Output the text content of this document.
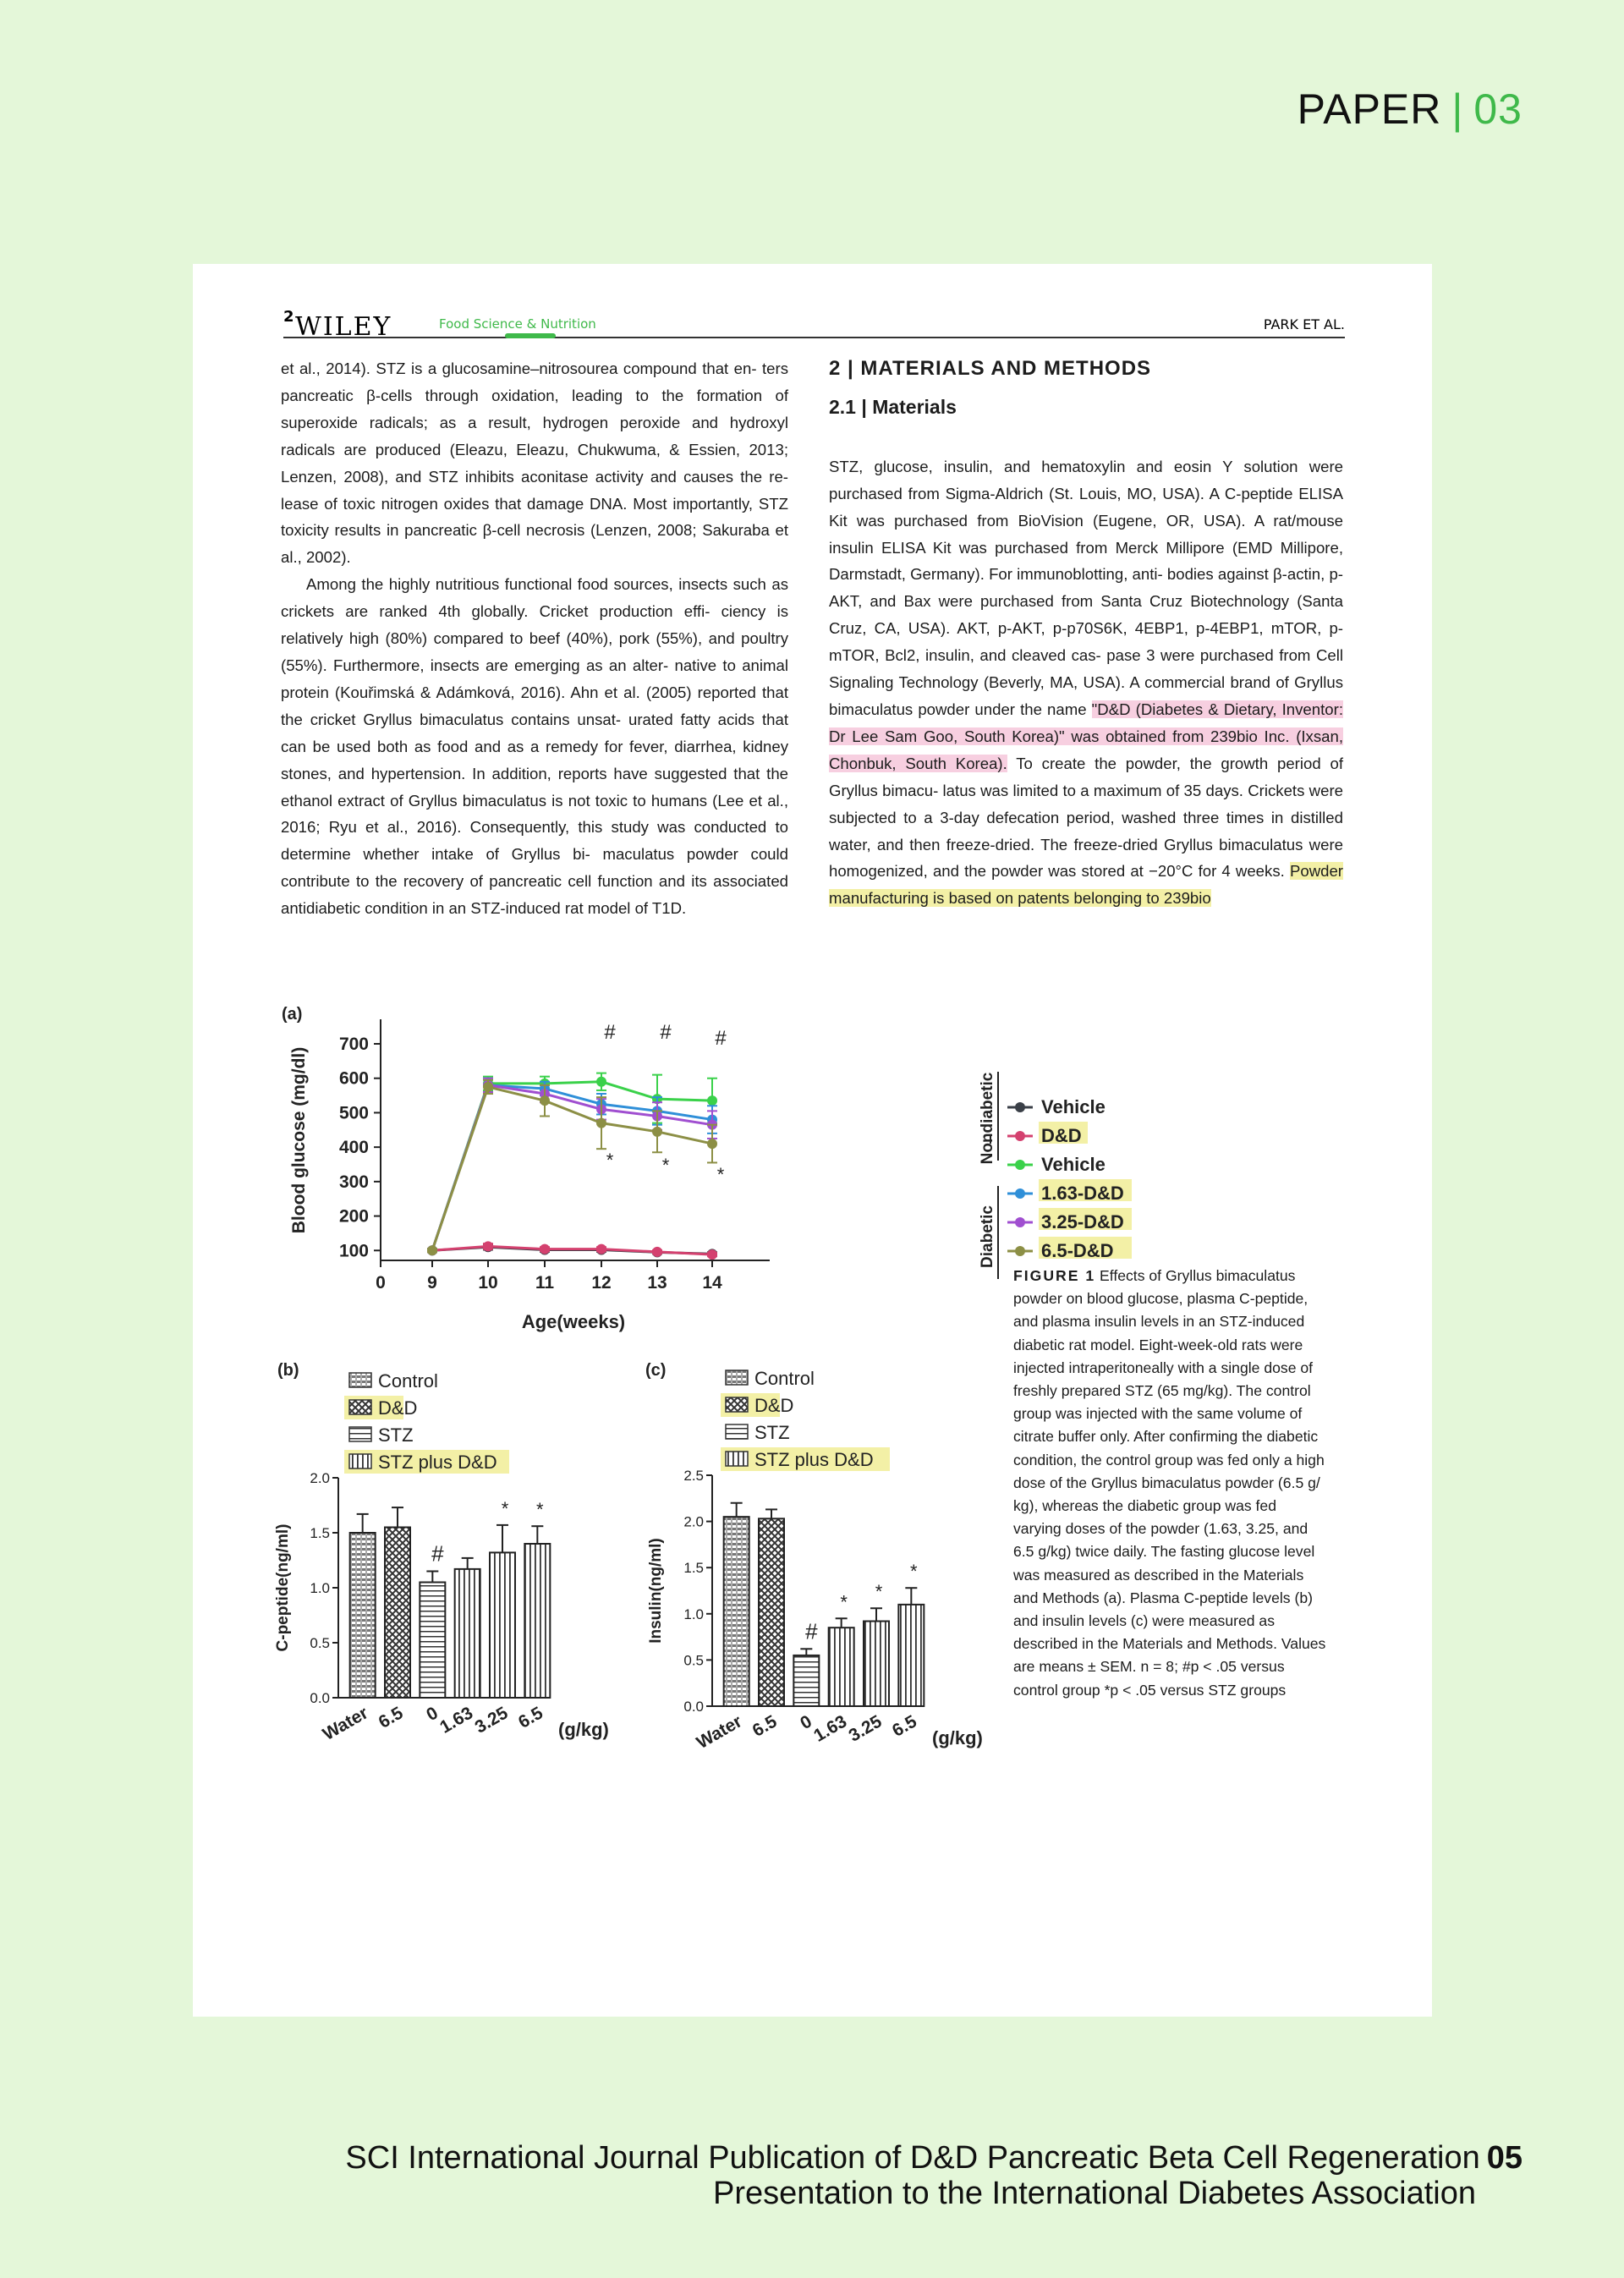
PAPER | 03
2 WILEY	Food Science & Nutrition	PARK ET AL.

et al., 2014). STZ is a glucosamine–nitrosourea compound that en- ters pancreatic β-cells through oxidation, leading to the formation of superoxide radicals; as a result, hydrogen peroxide and hydroxyl radicals are produced (Eleazu, Eleazu, Chukwuma, & Essien, 2013; Lenzen, 2008), and STZ inhibits aconitase activity and causes the re- lease of toxic nitrogen oxides that damage DNA. Most importantly, STZ toxicity results in pancreatic β-cell necrosis (Lenzen, 2008; Sakuraba et al., 2002).

Among the highly nutritious functional food sources, insects such as crickets are ranked 4th globally. Cricket production effi- ciency is relatively high (80%) compared to beef (40%), pork (55%), and poultry (55%). Furthermore, insects are emerging as an alter- native to animal protein (Kouřimská & Adámková, 2016). Ahn et al. (2005) reported that the cricket Gryllus bimaculatus contains unsat- urated fatty acids that can be used both as food and as a remedy for fever, diarrhea, kidney stones, and hypertension. In addition, reports have suggested that the ethanol extract of Gryllus bimaculatus is not toxic to humans (Lee et al., 2016; Ryu et al., 2016). Consequently, this study was conducted to determine whether intake of Gryllus bi- maculatus powder could contribute to the recovery of pancreatic cell function and its associated antidiabetic condition in an STZ-induced rat model of T1D.

2 | MATERIALS AND METHODS
2.1 | Materials

STZ, glucose, insulin, and hematoxylin and eosin Y solution were purchased from Sigma-Aldrich (St. Louis, MO, USA). A C-peptide ELISA Kit was purchased from BioVision (Eugene, OR, USA). A rat/mouse insulin ELISA Kit was purchased from Merck Millipore (EMD Millipore, Darmstadt, Germany). For immunoblotting, anti- bodies against β-actin, p-AKT, and Bax were purchased from Santa Cruz Biotechnology (Santa Cruz, CA, USA). AKT, p-AKT, p-p70S6K, 4EBP1, p-4EBP1, mTOR, p-mTOR, Bcl2, insulin, and cleaved cas- pase 3 were purchased from Cell Signaling Technology (Beverly, MA, USA). A commercial brand of Gryllus bimaculatus powder under the name "D&D (Diabetes & Dietary, Inventor: Dr Lee Sam Goo, South Korea)" was obtained from 239bio Inc. (Ixsan, Chonbuk, South Korea). To create the powder, the growth period of Gryllus bimacu- latus was limited to a maximum of 35 days. Crickets were subjected to a 3-day defecation period, washed three times in distilled water, and then freeze-dried. The freeze-dried Gryllus bimaculatus were homogenized, and the powder was stored at −20°C for 4 weeks. Powder manufacturing is based on patents belonging to 239bio

(a)
100
200
300
400
500
600
700
0 9 10 11 12 13 14
Blood glucose (mg/dl)
Age(weeks)
# # #
*	*	*
Nondiabetic
Diabetic
Vehicle
D&D
Vehicle
1.63-D&D
3.25-D&D
6.5-D&D
(b)	Control
D&D
STZ
STZ plus D&D
0.0
0.5
1.0
1.5
2.0
C-peptide(ng/ml)
Water 6.5
#
0
1.63
*
3.25
*
6.5 (g/kg)
(c)	Control
D&D
STZ
STZ plus D&D
0.0
0.5
1.0
1.5
2.0
2.5
Insulin(ng/ml)
Water 6.5
#
0
*
1.63
*
3.25
*
6.5 (g/kg)
FIGURE 1 Effects of Gryllus bimaculatus powder on blood glucose, plasma C-peptide, and plasma insulin levels in an STZ-induced diabetic rat model. Eight-week-old rats were injected intraperitoneally with a single dose of freshly prepared STZ (65 mg/kg). The control group was injected with the same volume of citrate buffer only. After confirming the diabetic condition, the control group was fed only a high dose of the Gryllus bimaculatus powder (6.5 g/ kg), whereas the diabetic group was fed varying doses of the powder (1.63, 3.25, and 6.5 g/kg) twice daily. The fasting glucose level was measured as described in the Materials and Methods (a). Plasma C-peptide levels (b) and insulin levels (c) were measured as described in the Materials and Methods. Values are means ± SEM. n = 8; #p < .05 versus control group *p < .05 versus STZ groups
SCI International Journal Publication of D&D Pancreatic Beta Cell Regeneration 05
Presentation to the International Diabetes Association
